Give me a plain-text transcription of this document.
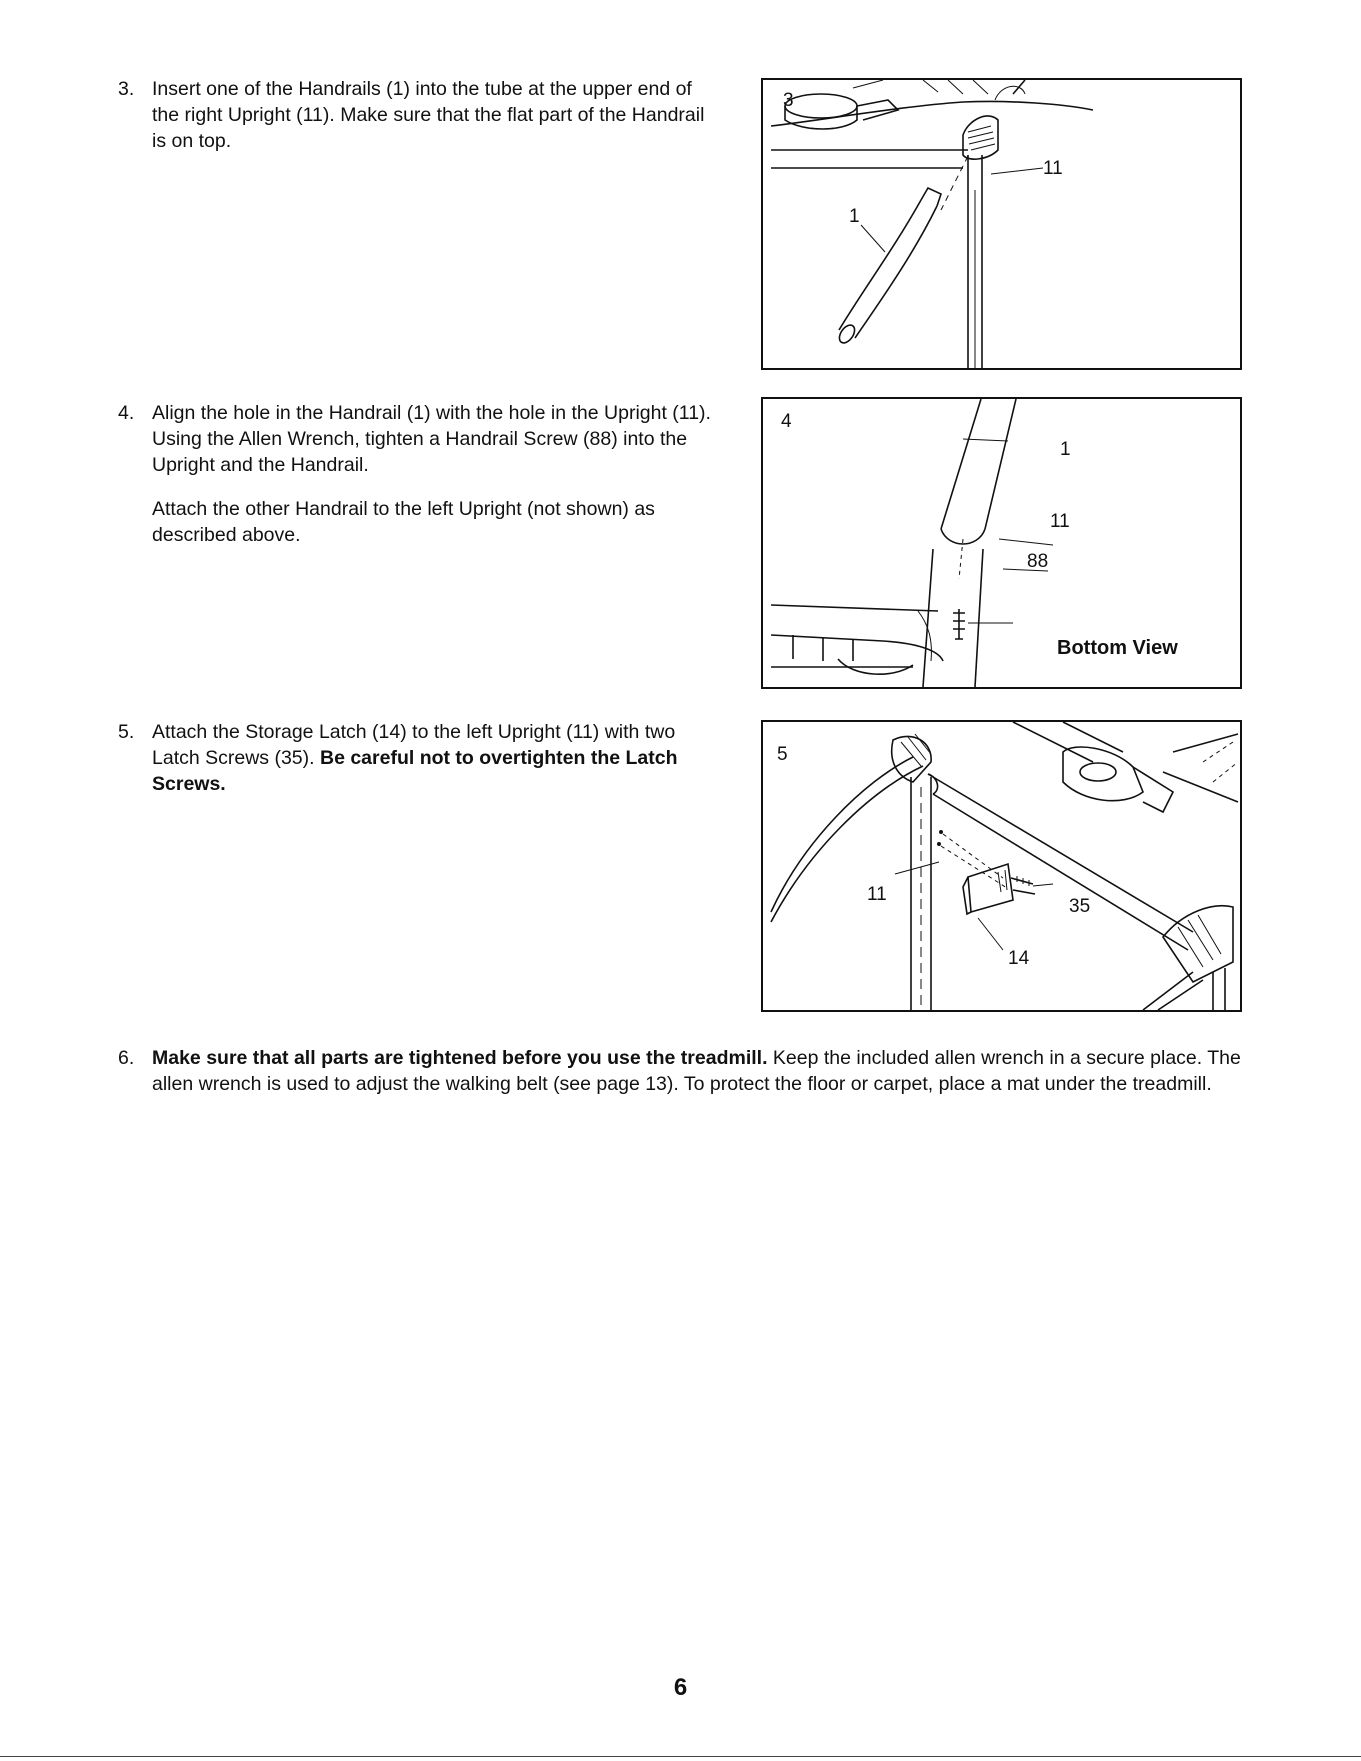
3. Insert one of the Handrails (1) into the tube at the upper end of the right Upright (11). Make sure that the flat part of the Handrail is on top.

3
1
11
4. Align the hole in the Handrail (1) with the hole in the Upright (11). Using the Allen Wrench, tighten a Handrail Screw (88) into the Upright and the Handrail.

Attach the other Handrail to the left Upright (not shown) as described above.

4
1
11
88
Bottom View
5. Attach the Storage Latch (14) to the left Upright (11) with two Latch Screws (35). Be careful not to overtighten the Latch Screws.

5
11
35
14
6. Make sure that all parts are tightened before you use the treadmill. Keep the included allen wrench in a secure place. The allen wrench is used to adjust the walking belt (see page 13). To protect the floor or carpet, place a mat under the treadmill.

6
